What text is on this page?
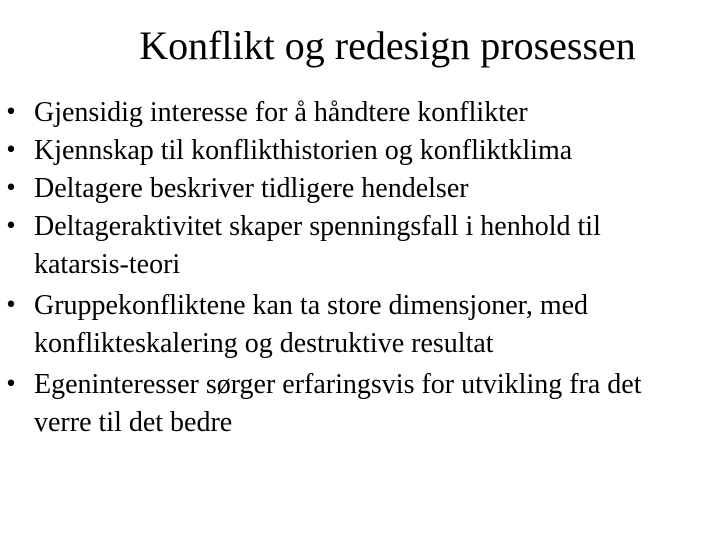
Konflikt og redesign prosessen
• Gjensidig interesse for å håndtere konflikter
• Kjennskap til konflikthistorien og konfliktklima
• Deltagere beskriver tidligere hendelser
• Deltageraktivitet skaper spenningsfall i henhold til katarsis-teori
• Gruppekonfliktene kan ta store dimensjoner, med konflikteskalering og destruktive resultat
• Egeninteresser sørger erfaringsvis for utvikling fra det verre til det bedre
